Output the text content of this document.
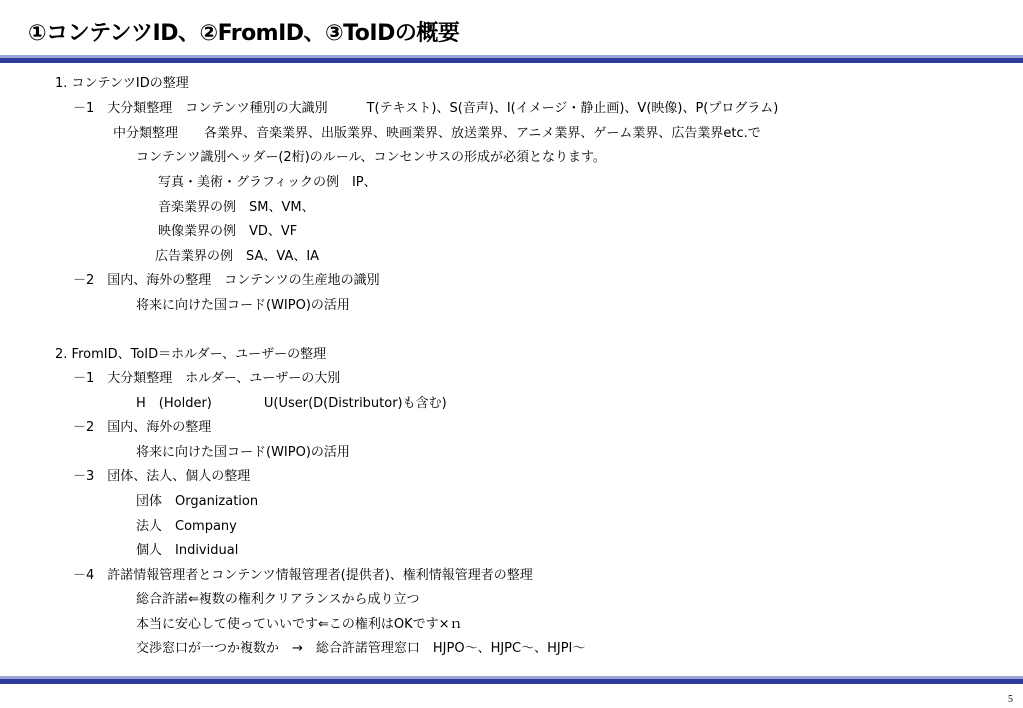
①コンテンツID、②FromID、③ToIDの概要
1. コンテンツIDの整理
－1　大分類整理　コンテンツ種別の大識別　　　T(テキスト)、S(音声)、I(イメージ・静止画)、V(映像)、P(プログラム)
中分類整理　　各業界、音楽業界、出版業界、映画業界、放送業界、アニメ業界、ゲーム業界、広告業界etc.で
コンテンツ識別ヘッダー(2桁)のルール、コンセンサスの形成が必須となります。
写真・美術・グラフィックの例　IP、
音楽業界の例　SM、VM、
映像業界の例　VD、VF
広告業界の例　SA、VA、IA
－2　国内、海外の整理　コンテンツの生産地の識別
将来に向けた国コード(WIPO)の活用
2. FromID、ToID＝ホルダー、ユーザーの整理
－1　大分類整理　ホルダー、ユーザーの大別
H　(Holder)　　　　U(User(D(Distributor)も含む)
－2　国内、海外の整理
将来に向けた国コード(WIPO)の活用
－3　団体、法人、個人の整理
団体　Organization
法人　Company
個人　Individual
－4　許諾情報管理者とコンテンツ情報管理者(提供者)、権利情報管理者の整理
総合許諾⇐複数の権利クリアランスから成り立つ
本当に安心して使っていいです⇐この権利はOKです×ｎ
交渉窓口が一つか複数か　→　総合許諾管理窓口　HJPO～、HJPC～、HJPI～
5
